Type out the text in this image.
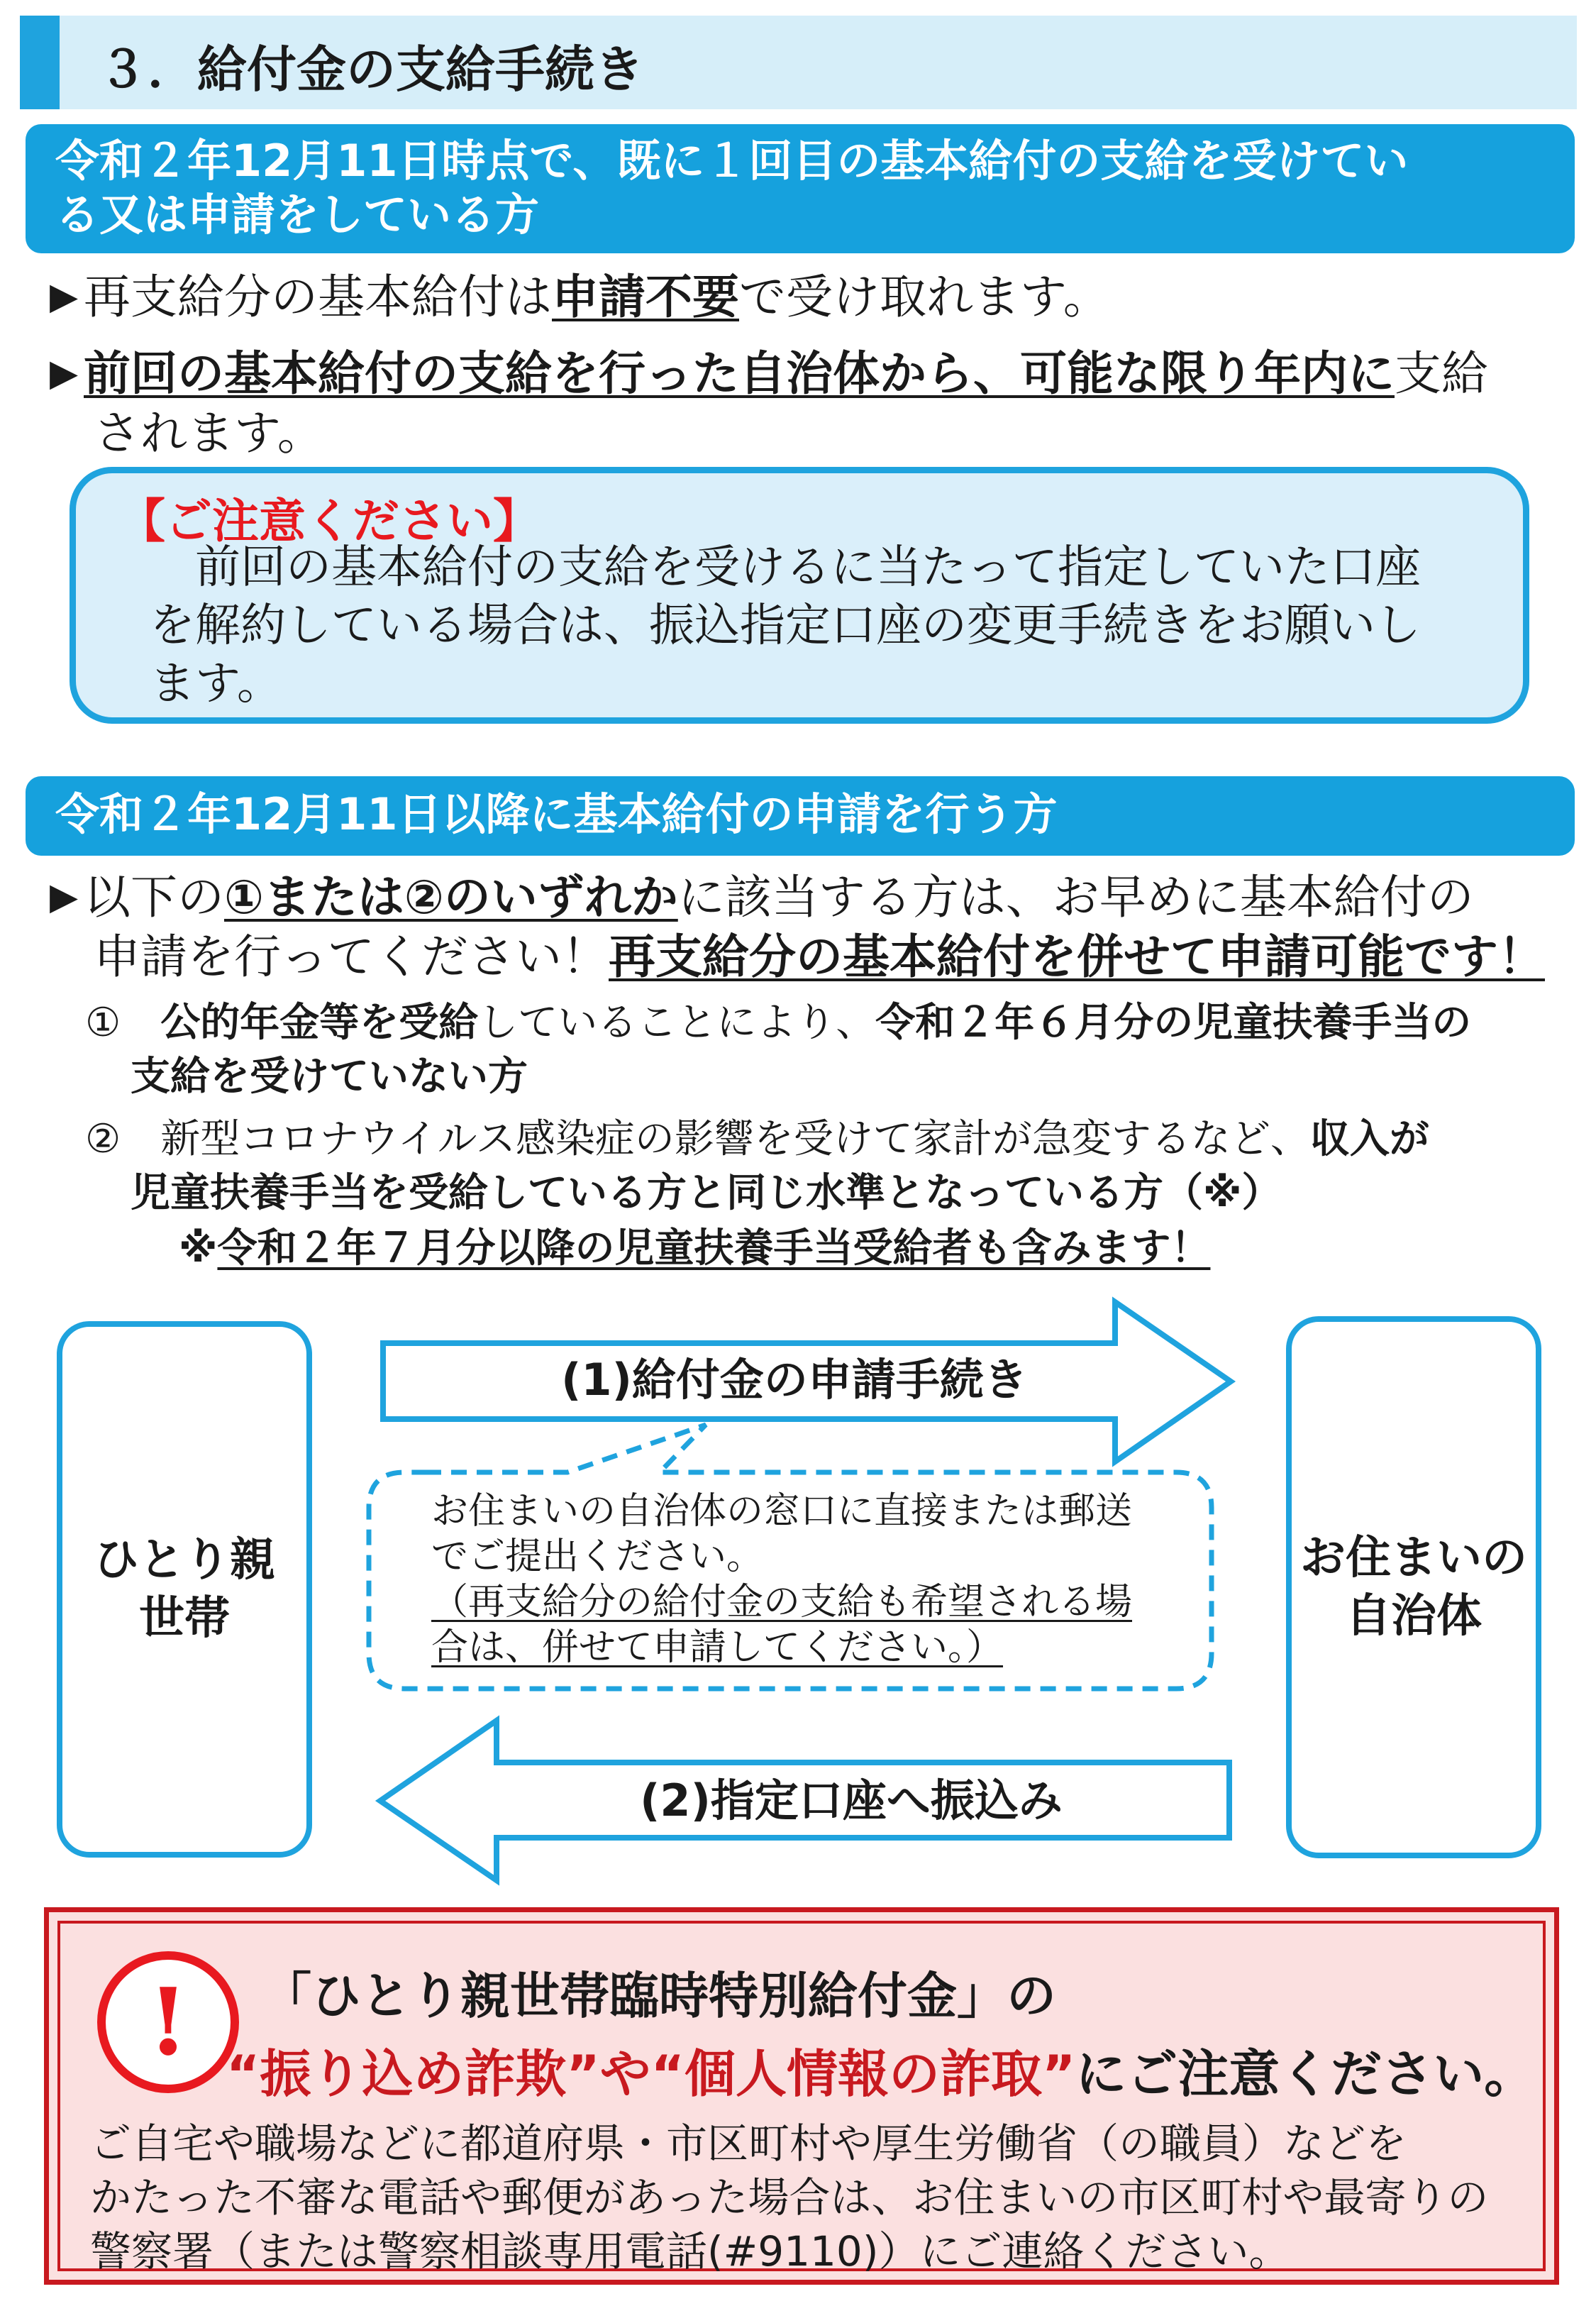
３．給付金の支給手続き
令和２年12月11日時点で、既に１回目の基本給付の支給を受けてい
る又は申請をしている方
▶ 再支給分の基本給付は申請不要で受け取れます。
▶ 前回の基本給付の支給を行った自治体から、可能な限り年内に支給
されます。
【ご注意ください】
　前回の基本給付の支給を受けるに当たって指定していた口座
を解約している場合は、振込指定口座の変更手続きをお願いし
ます。
令和２年12月11日以降に基本給付の申請を行う方
▶ 以下の①または②のいずれかに該当する方は、お早めに基本給付の
申請を行ってください！再支給分の基本給付を併せて申請可能です！
①　 公的年金等を受給していることにより、令和２年６月分の児童扶養手当の
支給を受けていない方
②　 新型コロナウイルス感染症の影響を受けて家計が急変するなど、収入が
児童扶養手当を受給している方と同じ水準となっている方（※）
※令和２年７月分以降の児童扶養手当受給者も含みます！
ひとり親
世帯
お住まいの
自治体
(1)給付金の申請手続き
(2)指定口座へ振込み
お住まいの自治体の窓口に直接または郵送
でご提出ください。
（再支給分の給付金の支給も希望される場
合は、併せて申請してください。）
!	「ひとり親世帯臨時特別給付金」の
“振り込め詐欺”や“個人情報の詐取”にご注意ください。
ご自宅や職場などに都道府県・市区町村や厚生労働省（の職員）などを
かたった不審な電話や郵便があった場合は、お住まいの市区町村や最寄りの
警察署（または警察相談専用電話(#9110)）にご連絡ください。
